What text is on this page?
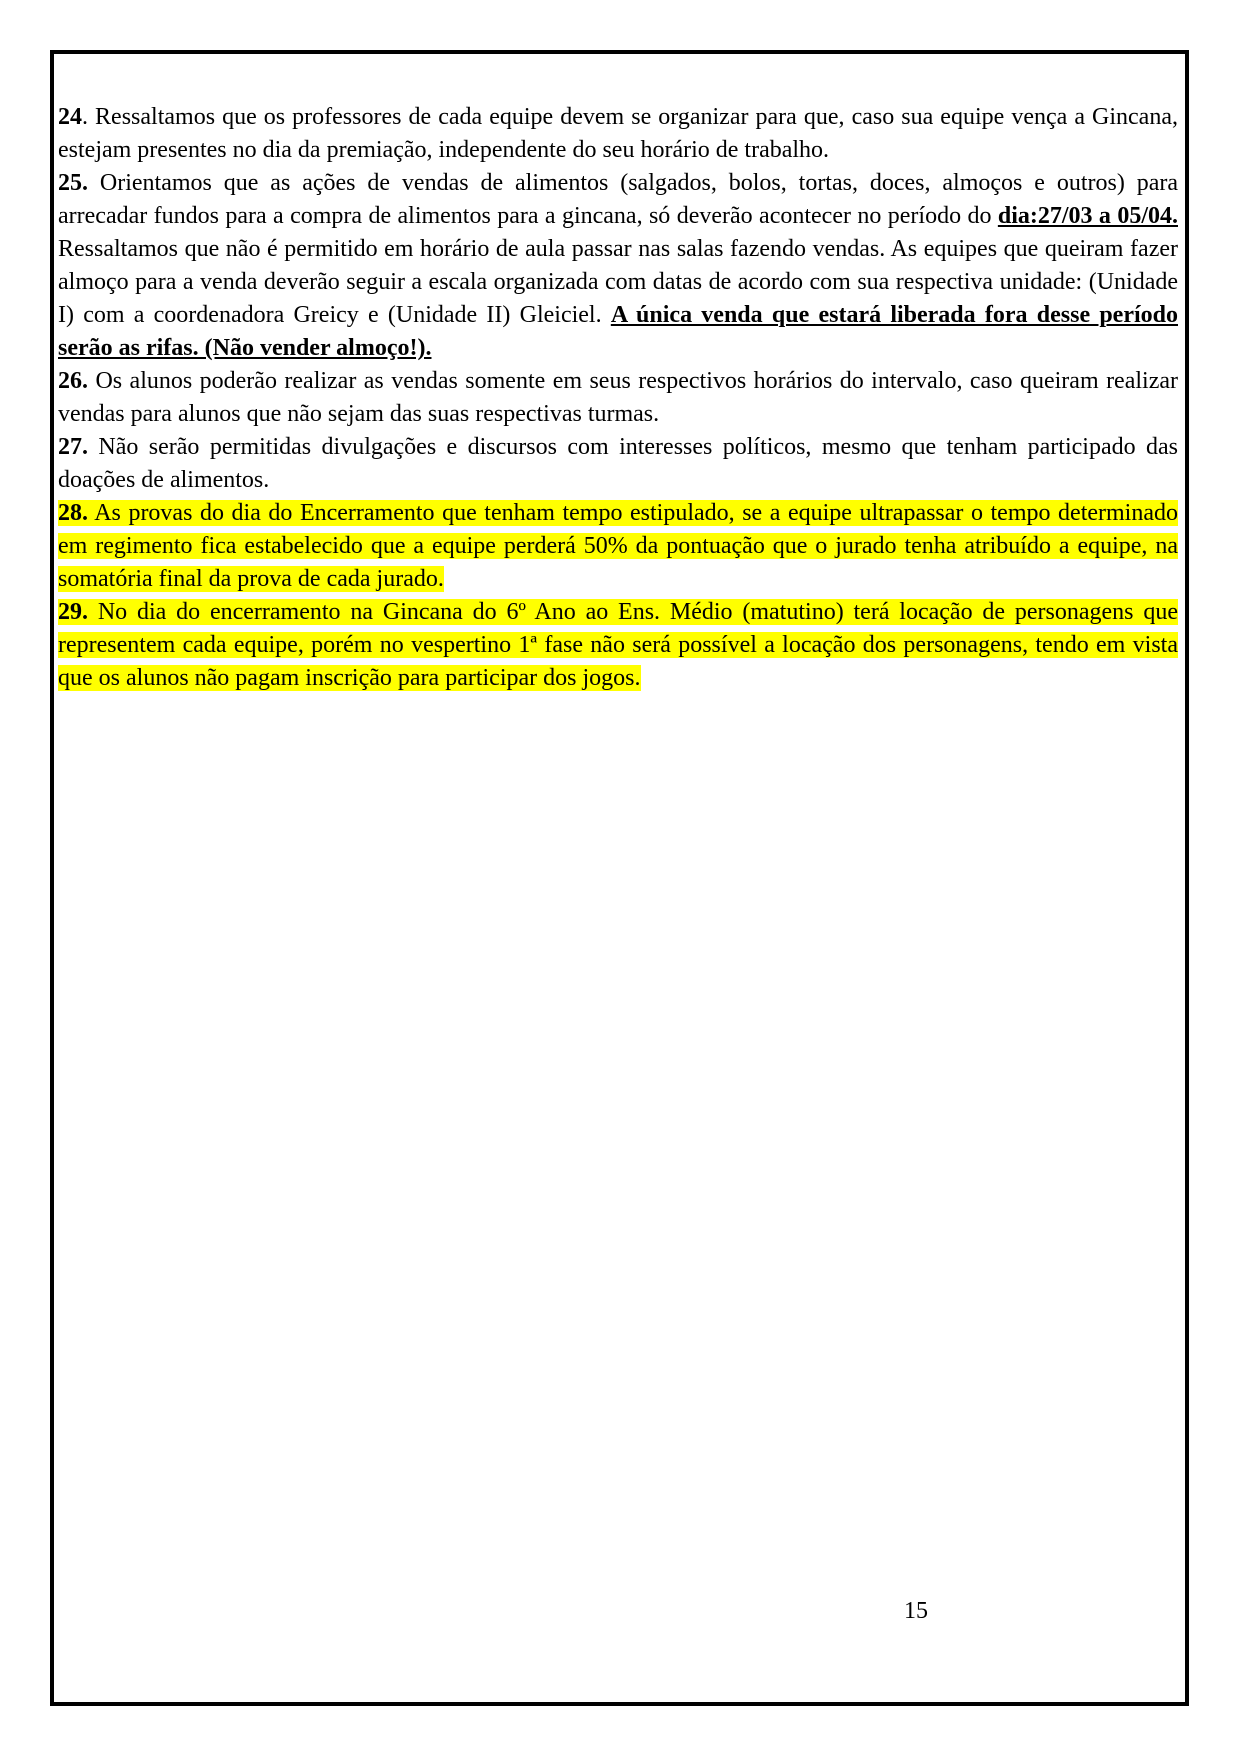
24. Ressaltamos que os professores de cada equipe devem se organizar para que, caso sua equipe vença a Gincana, estejam presentes no dia da premiação, independente do seu horário de trabalho.

25. Orientamos que as ações de vendas de alimentos (salgados, bolos, tortas, doces, almoços e outros) para arrecadar fundos para a compra de alimentos para a gincana, só deverão acontecer no período do dia:27/03 a 05/04. Ressaltamos que não é permitido em horário de aula passar nas salas fazendo vendas. As equipes que queiram fazer almoço para a venda deverão seguir a escala organizada com datas de acordo com sua respectiva unidade: (Unidade I) com a coordenadora Greicy e (Unidade II) Gleiciel. A única venda que estará liberada fora desse período serão as rifas. (Não vender almoço!).

26. Os alunos poderão realizar as vendas somente em seus respectivos horários do intervalo, caso queiram realizar vendas para alunos que não sejam das suas respectivas turmas.

27. Não serão permitidas divulgações e discursos com interesses políticos, mesmo que tenham participado das doações de alimentos.

28. As provas do dia do Encerramento que tenham tempo estipulado, se a equipe ultrapassar o tempo determinado em regimento fica estabelecido que a equipe perderá 50% da pontuação que o jurado tenha atribuído a equipe, na somatória final da prova de cada jurado.

29. No dia do encerramento na Gincana do 6º Ano ao Ens. Médio (matutino) terá locação de personagens que representem cada equipe, porém no vespertino 1ª fase não será possível a locação dos personagens, tendo em vista que os alunos não pagam inscrição para participar dos jogos.

15
